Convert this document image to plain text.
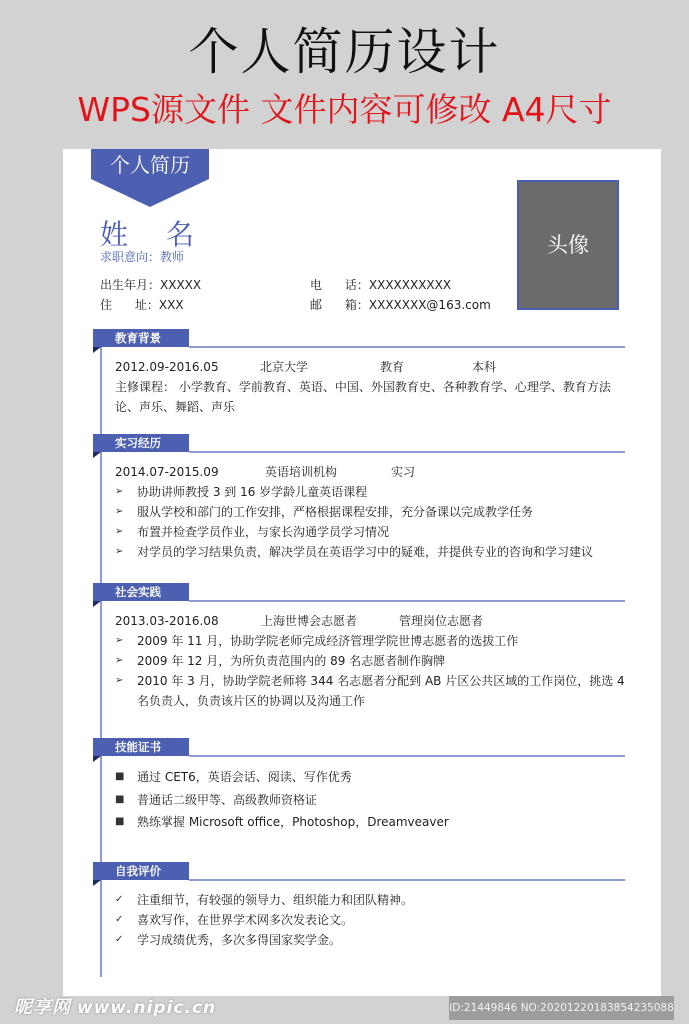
个人简历设计
WPS源文件 文件内容可修改 A4尺寸
个人简历
姓 名
求职意向：教师
出生年月：XXXXX
住      址：XXX
电      话：XXXXXXXXXX
邮      箱：XXXXXXX@163.com
头像
教育背景
2012.09-2016.05	北京大学	教育	本科
主修课程： 小学教育、学前教育、英语、中国、外国教育史、各种教育学、心理学、教育方法论、声乐、舞蹈、声乐
实习经历
2014.07-2015.09	英语培训机构	实习
➢	协助讲师教授 3 到 16 岁学龄儿童英语课程
➢	服从学校和部门的工作安排，严格根据课程安排，充分备课以完成教学任务
➢	布置并检查学员作业，与家长沟通学员学习情况
➢	对学员的学习结果负责，解决学员在英语学习中的疑难，并提供专业的咨询和学习建议
社会实践
2013.03-2016.08	上海世博会志愿者	管理岗位志愿者
➢	2009 年 11 月，协助学院老师完成经济管理学院世博志愿者的选拔工作
➢	2009 年 12 月，为所负责范围内的 89 名志愿者制作胸牌
➢	2010 年 3 月，协助学院老师将 344 名志愿者分配到 AB 片区公共区域的工作岗位，挑选 4 名负责人，负责该片区的协调以及沟通工作
技能证书
■	通过 CET6，英语会话、阅读、写作优秀
■	普通话二级甲等、高级教师资格证
■	熟练掌握 Microsoft office，Photoshop，Dreamveaver
自我评价
✓	注重细节，有较强的领导力、组织能力和团队精神。
✓	喜欢写作，在世界学术网多次发表论文。
✓	学习成绩优秀，多次多得国家奖学金。
昵享网 www.nipic.cn	ID:21449846 NO:20201220183854235088
